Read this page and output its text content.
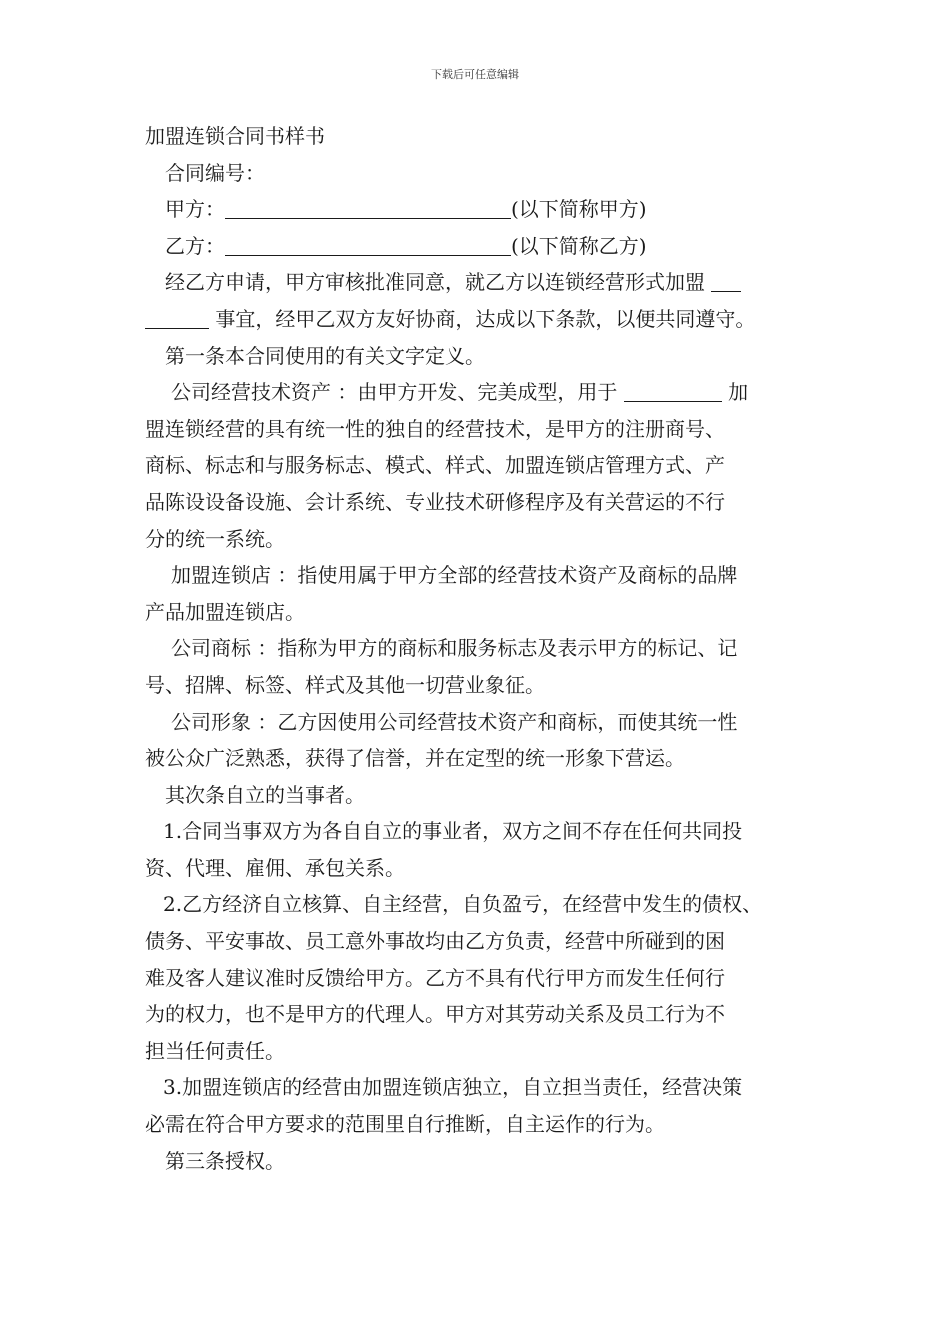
下载后可任意编辑
加盟连锁合同书样书
合同编号：
甲方：	(以下简称甲方)
乙方：	(以下简称乙方)
经乙方申请，甲方审核批准同意，就乙方以连锁经营形式加盟
事宜，经甲乙双方友好协商，达成以下条款，以便共同遵守。
第一条本合同使用的有关文字定义。
公司经营技术资产 ：由甲方开发、完美成型，用于	加
盟连锁经营的具有统一性的独自的经营技术，是甲方的注册商号、
商标、标志和与服务标志、模式、样式、加盟连锁店管理方式、产
品陈设设备设施、会计系统、专业技术研修程序及有关营运的不行
分的统一系统。
加盟连锁店 ：指使用属于甲方全部的经营技术资产及商标的品牌
产品加盟连锁店。
公司商标 ：指称为甲方的商标和服务标志及表示甲方的标记、记
号、招牌、标签、样式及其他一切营业象征。
公司形象 ：乙方因使用公司经营技术资产和商标，而使其统一性
被公众广泛熟悉，获得了信誉，并在定型的统一形象下营运。
其次条自立的当事者。
1.合同当事双方为各自自立的事业者，双方之间不存在任何共同投
资、代理、雇佣、承包关系。
2.乙方经济自立核算、自主经营，自负盈亏，在经营中发生的债权、
债务、平安事故、员工意外事故均由乙方负责，经营中所碰到的困
难及客人建议准时反馈给甲方。乙方不具有代行甲方而发生任何行
为的权力，也不是甲方的代理人。甲方对其劳动关系及员工行为不
担当任何责任。
3.加盟连锁店的经营由加盟连锁店独立，自立担当责任，经营决策
必需在符合甲方要求的范围里自行推断，自主运作的行为。
第三条授权。
